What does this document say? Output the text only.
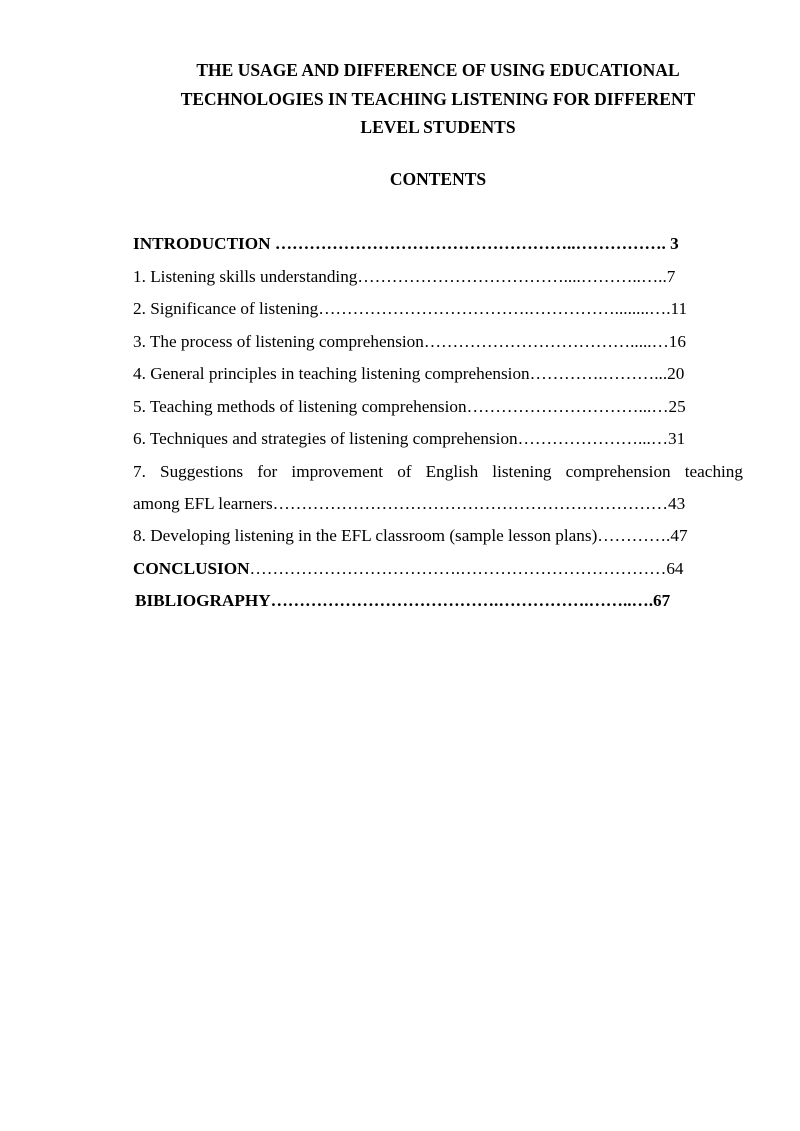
THE USAGE AND DIFFERENCE OF USING EDUCATIONAL
TECHNOLOGIES IN TEACHING LISTENING FOR DIFFERENT
LEVEL STUDENTS
CONTENTS
INTRODUCTION ……………………………………………..……………. 3
1. Listening skills understanding………………………………....………..…..7
2. Significance of listening……………………………….……………........….11
3. The process of listening comprehension……………………………….....…16
4. General principles in teaching listening comprehension………….………...20
5. Teaching methods of listening comprehension…………………………...…25
6. Techniques and strategies of listening comprehension…………………...…31
7. Suggestions for improvement of English listening comprehension teaching
among EFL learners……………………………………………………………43
8. Developing listening in the EFL classroom (sample lesson plans)………….47
CONCLUSION……………………………….………………………………64
BIBLIOGRAPHY………………………………….…………….……..….67
